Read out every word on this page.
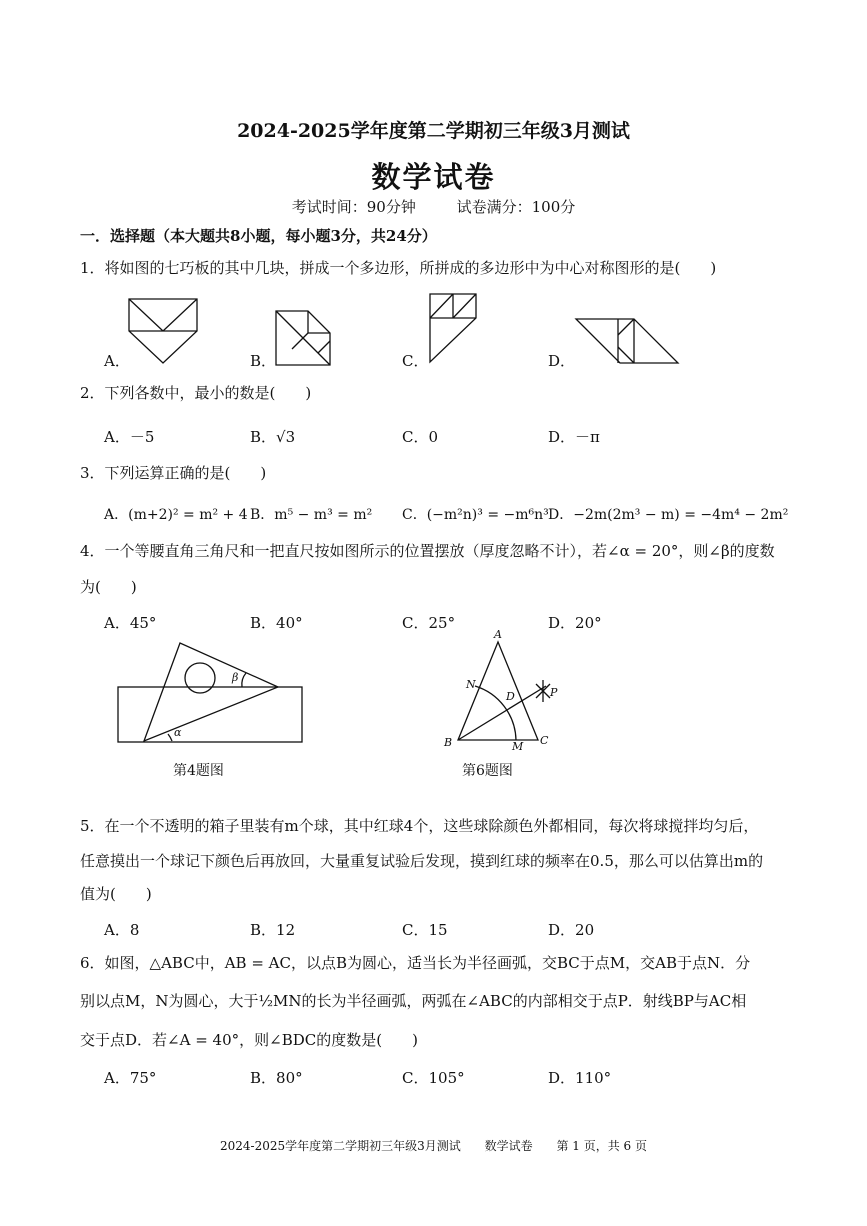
2024-2025学年度第二学期初三年级3月测试
数学试卷
考试时间：90分钟	试卷满分：100分
一．选择题（本大题共8小题，每小题3分，共24分）
1．将如图的七巧板的其中几块，拼成一个多边形，所拼成的多边形中为中心对称图形的是(　　)
A．	B．	C．	D．
2．下列各数中，最小的数是(　　)
A．－5	B．√3	C．0	D．－π
3．下列运算正确的是(　　)
A．(m+2)² = m² + 4 B．m⁵ − m³ = m² C．(−m²n)³ = −m⁶n³ D．−2m(2m³ − m) = −4m⁴ − 2m²
4．一个等腰直角三角尺和一把直尺按如图所示的位置摆放（厚度忽略不计），若∠α = 20°，则∠β的度数
为(　　)
A．45°	B．40°	C．25°	D．20°
β
α
第4题图
A
B	C
D
M
N
P
第6题图
5．在一个不透明的箱子里装有m个球，其中红球4个，这些球除颜色外都相同，每次将球搅拌均匀后，
任意摸出一个球记下颜色后再放回，大量重复试验后发现，摸到红球的频率在0.5，那么可以估算出m的
值为(　　)
A．8	B．12	C．15	D．20
6．如图，△ABC中，AB = AC，以点B为圆心，适当长为半径画弧，交BC于点M，交AB于点N．分
别以点M，N为圆心，大于½MN的长为半径画弧，两弧在∠ABC的内部相交于点P．射线BP与AC相
交于点D．若∠A = 40°，则∠BDC的度数是(　　)
A．75°	B．80°	C．105°	D．110°
2024-2025学年度第二学期初三年级3月测试 数学试卷 第 1 页，共 6 页
